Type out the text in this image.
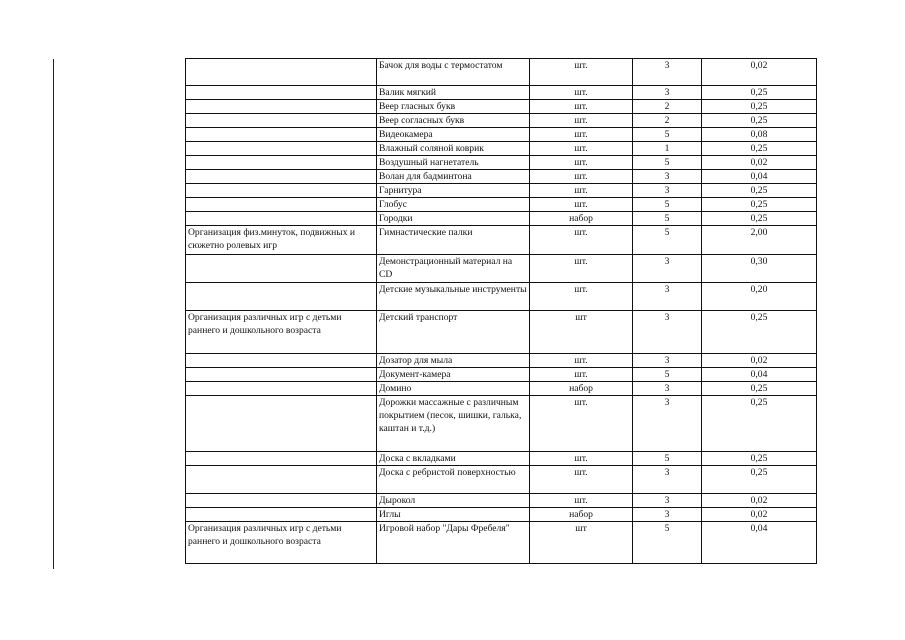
	Бачок для воды с термостатом	шт.	3	0,02
	Валик мягкий	шт.	3	0,25
	Веер гласных букв	шт.	2	0,25
	Веер согласных букв	шт.	2	0,25
	Видеокамера	шт.	5	0,08
	Влажный соляной коврик	шт.	1	0,25
	Воздушный нагнетатель	шт.	5	0,02
	Волан для бадминтона	шт.	3	0,04
	Гарнитура	шт.	3	0,25
	Глобус	шт.	5	0,25
	Городки	набор	5	0,25
Организация физ.минуток, подвижных и сюжетно ролевых игр	Гимнастические палки	шт.	5	2,00
	Демонстрационный материал на CD	шт.	3	0,30
	Детские музыкальные инструменты	шт.	3	0,20
Организация различных игр с детьми раннего и дошкольного возраста	Детский транспорт	шт	3	0,25
	Дозатор для мыла	шт.	3	0,02
	Документ-камера	шт.	5	0,04
	Домино	набор	3	0,25
	Дорожки массажные с различным покрытием (песок, шишки, галька, каштан и т.д.)	шт.	3	0,25
	Доска с вкладками	шт.	5	0,25
	Доска с ребристой поверхностью	шт.	3	0,25
	Дырокол	шт.	3	0,02
	Иглы	набор	3	0,02
Организация различных игр с детьми раннего и дошкольного возраста	Игровой набор "Дары Фребеля"	шт	5	0,04
